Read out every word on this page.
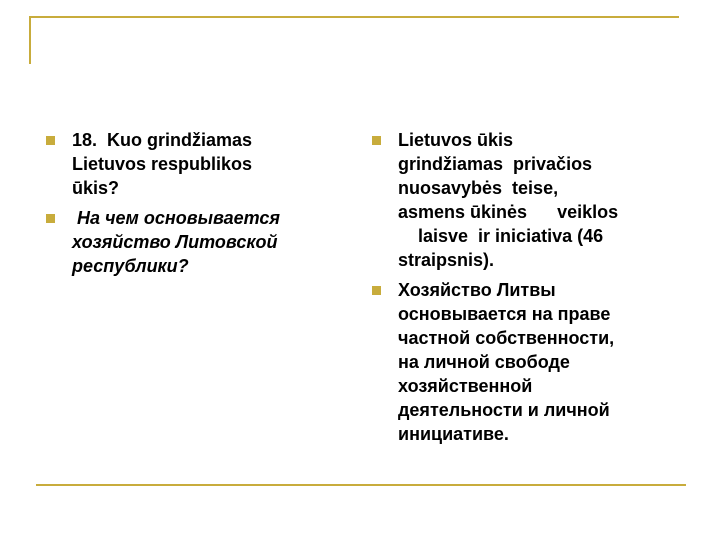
18.  Kuo grindžiamas
Lietuvos respublikos
ūkis?
На чем основывается
хозяйство Литовской
республики?
Lietuvos ūkis
grindžiamas  privačios
nuosavybės  teise,
asmens ūkinės      veiklos
laisve  ir iniciativa (46
straipsnis).
Хозяйство Литвы
основывается на праве
частной собственности,
на личной свободе
хозяйственной
деятельности и личной
инициативе.
